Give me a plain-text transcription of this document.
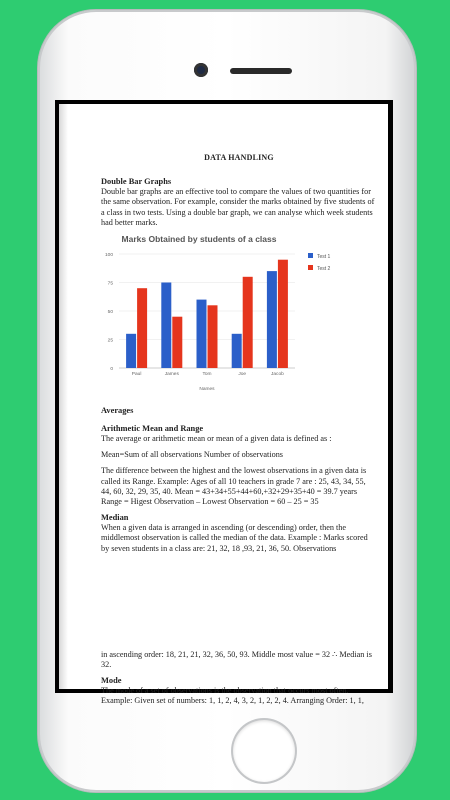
DATA HANDLING
Double Bar Graphs

Double bar graphs are an effective tool to compare the values of two quantities for the same observation. For example, consider the marks obtained by five students of a class in two tests. Using a double bar graph, we can analyse which week students had better marks.

Marks Obtained by students of a class
0
25
50
75
100
Paul	James	Tom	Joe	Jacob
Names
Test 1
Test 2
Averages
Arithmetic Mean and Range

The average or arithmetic mean or mean of a given data is defined as :

Mean=Sum of all observations Number of observations

The difference between the highest and the lowest observations in a given data is called its Range. Example: Ages of all 10 teachers in grade 7 are : 25, 43, 34, 55, 44, 60, 32, 29, 35, 40. Mean = 43+34+55+44+60,+32+29+35+40 = 39.7 years Range = Higest Observation – Lowest Observation = 60 – 25 = 35

Median

When a given data is arranged in ascending (or descending) order, then the middlemost observation is called the median of the data. Example : Marks scored by seven students in a class are: 21, 32, 18 ,93, 21, 36, 50. Observations

in ascending order: 18, 21, 21, 32, 36, 50, 93. Middle most value = 32 ∴ Median is 32.

Mode

The mode of a set of observations is the observation that occurs most often. Example: Given set of numbers: 1, 1, 2, 4, 3, 2, 1, 2, 2, 4. Arranging Order: 1, 1,
